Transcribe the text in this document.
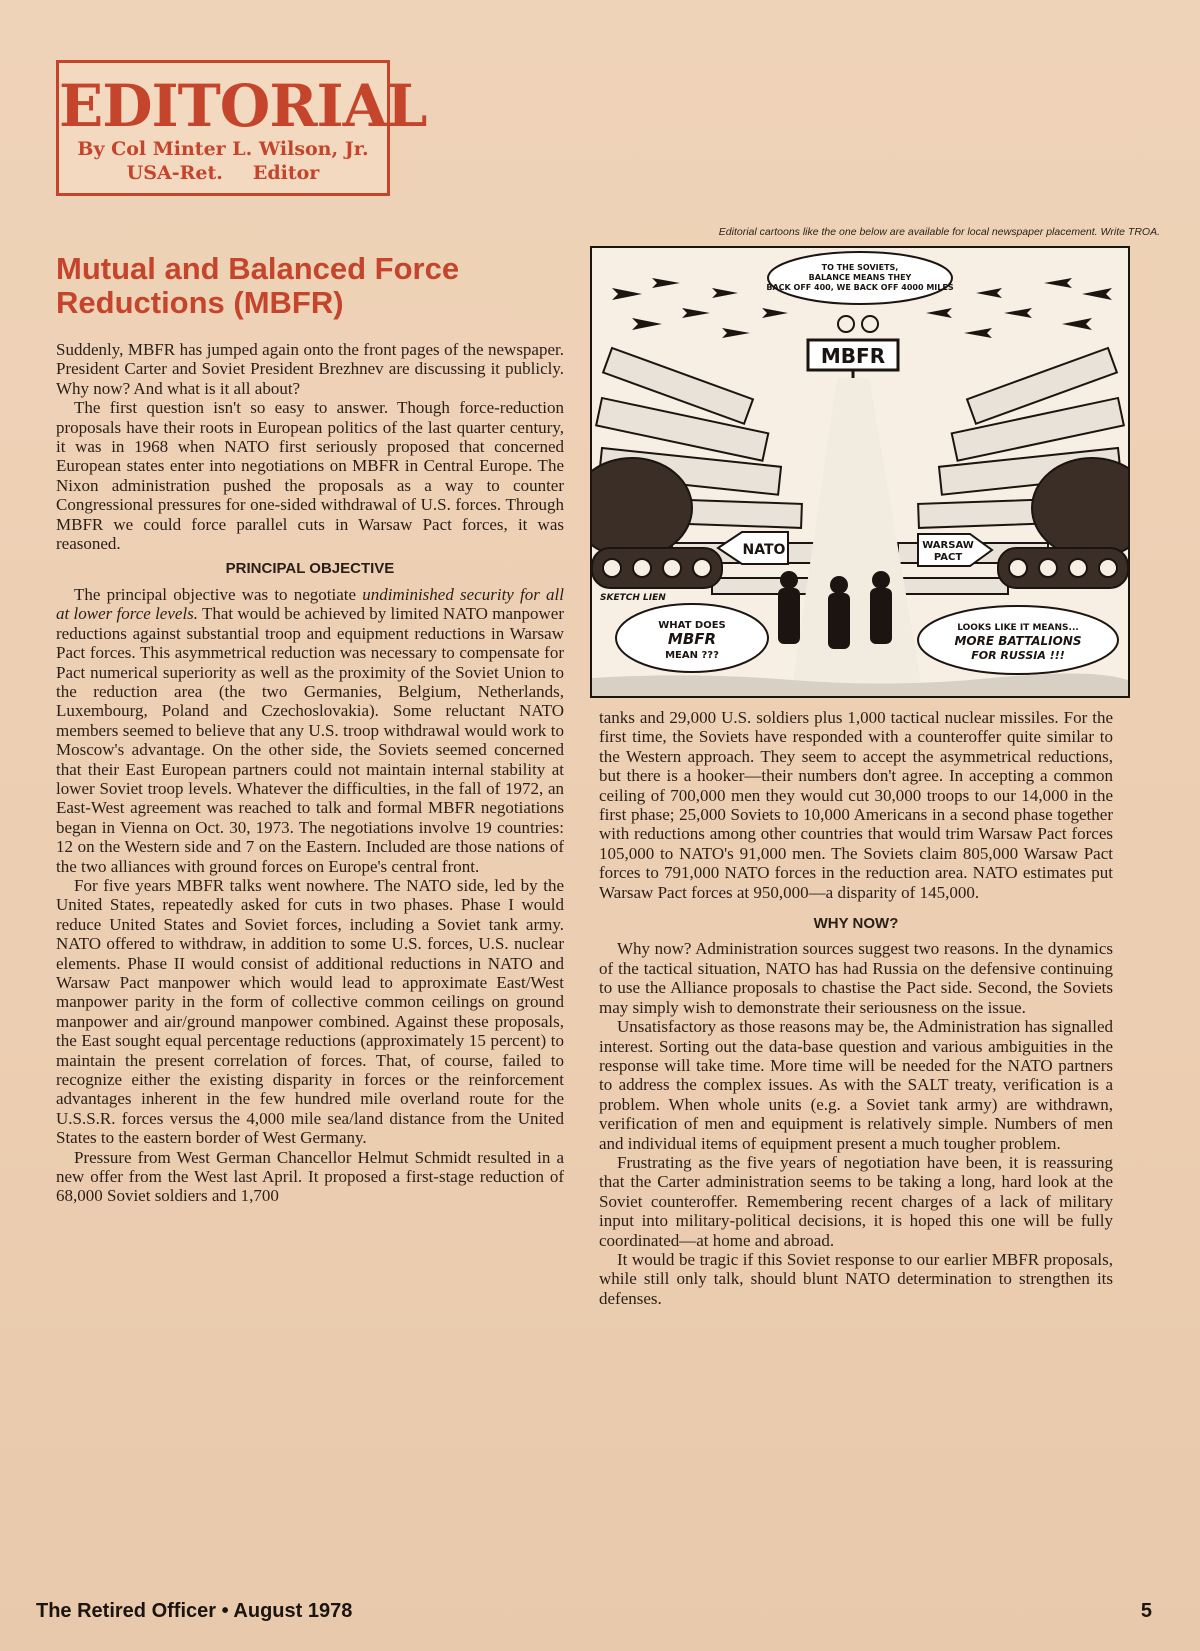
EDITORIAL
By Col Minter L. Wilson, Jr.
USA-Ret. Editor
Editorial cartoons like the one below are available for local newspaper placement. Write TROA.
Mutual and Balanced Force Reductions (MBFR)
TO THE SOVIETS,
BALANCE MEANS THEY
BACK OFF 400, WE BACK OFF 4000 MILES
MBFR
NATO	WARSAW
PACT
WHAT DOES
MBFR
MEAN ???
LOOKS LIKE IT MEANS...
MORE BATTALIONS
FOR RUSSIA !!!
SKETCH LIEN

Suddenly, MBFR has jumped again onto the front pages of the newspaper. President Carter and Soviet President Brezhnev are discussing it publicly. Why now? And what is it all about?

The first question isn't so easy to answer. Though force-reduction proposals have their roots in European politics of the last quarter century, it was in 1968 when NATO first seriously proposed that concerned European states enter into negotiations on MBFR in Central Europe. The Nixon administration pushed the proposals as a way to counter Congressional pressures for one-sided withdrawal of U.S. forces. Through MBFR we could force parallel cuts in Warsaw Pact forces, it was reasoned.

PRINCIPAL OBJECTIVE

The principal objective was to negotiate undiminished security for all at lower force levels. That would be achieved by limited NATO manpower reductions against substantial troop and equipment reductions in Warsaw Pact forces. This asymmetrical reduction was necessary to compensate for Pact numerical superiority as well as the proximity of the Soviet Union to the reduction area (the two Germanies, Belgium, Netherlands, Luxembourg, Poland and Czechoslovakia). Some reluctant NATO members seemed to believe that any U.S. troop withdrawal would work to Moscow's advantage. On the other side, the Soviets seemed concerned that their East European partners could not maintain internal stability at lower Soviet troop levels. Whatever the difficulties, in the fall of 1972, an East-West agreement was reached to talk and formal MBFR negotiations began in Vienna on Oct. 30, 1973. The negotiations involve 19 countries: 12 on the Western side and 7 on the Eastern. Included are those nations of the two alliances with ground forces on Europe's central front.

For five years MBFR talks went nowhere. The NATO side, led by the United States, repeatedly asked for cuts in two phases. Phase I would reduce United States and Soviet forces, including a Soviet tank army. NATO offered to withdraw, in addition to some U.S. forces, U.S. nuclear elements. Phase II would consist of additional reductions in NATO and Warsaw Pact manpower which would lead to approximate East/West manpower parity in the form of collective common ceilings on ground manpower and air/ground manpower combined. Against these proposals, the East sought equal percentage reductions (approximately 15 percent) to maintain the present correlation of forces. That, of course, failed to recognize either the existing disparity in forces or the reinforcement advantages inherent in the few hundred mile overland route for the U.S.S.R. forces versus the 4,000 mile sea/land distance from the United States to the eastern border of West Germany.

Pressure from West German Chancellor Helmut Schmidt resulted in a new offer from the West last April. It proposed a first-stage reduction of 68,000 Soviet soldiers and 1,700

tanks and 29,000 U.S. soldiers plus 1,000 tactical nuclear missiles. For the first time, the Soviets have responded with a counteroffer quite similar to the Western approach. They seem to accept the asymmetrical reductions, but there is a hooker—their numbers don't agree. In accepting a common ceiling of 700,000 men they would cut 30,000 troops to our 14,000 in the first phase; 25,000 Soviets to 10,000 Americans in a second phase together with reductions among other countries that would trim Warsaw Pact forces 105,000 to NATO's 91,000 men. The Soviets claim 805,000 Warsaw Pact forces to 791,000 NATO forces in the reduction area. NATO estimates put Warsaw Pact forces at 950,000—a disparity of 145,000.

WHY NOW?

Why now? Administration sources suggest two reasons. In the dynamics of the tactical situation, NATO has had Russia on the defensive continuing to use the Alliance proposals to chastise the Pact side. Second, the Soviets may simply wish to demonstrate their seriousness on the issue.

Unsatisfactory as those reasons may be, the Administration has signalled interest. Sorting out the data-base question and various ambiguities in the response will take time. More time will be needed for the NATO partners to address the complex issues. As with the SALT treaty, verification is a problem. When whole units (e.g. a Soviet tank army) are withdrawn, verification of men and equipment is relatively simple. Numbers of men and individual items of equipment present a much tougher problem.

Frustrating as the five years of negotiation have been, it is reassuring that the Carter administration seems to be taking a long, hard look at the Soviet counteroffer. Remembering recent charges of a lack of military input into military-political decisions, it is hoped this one will be fully coordinated—at home and abroad.

It would be tragic if this Soviet response to our earlier MBFR proposals, while still only talk, should blunt NATO determination to strengthen its defenses.

The Retired Officer • August 1978	5
